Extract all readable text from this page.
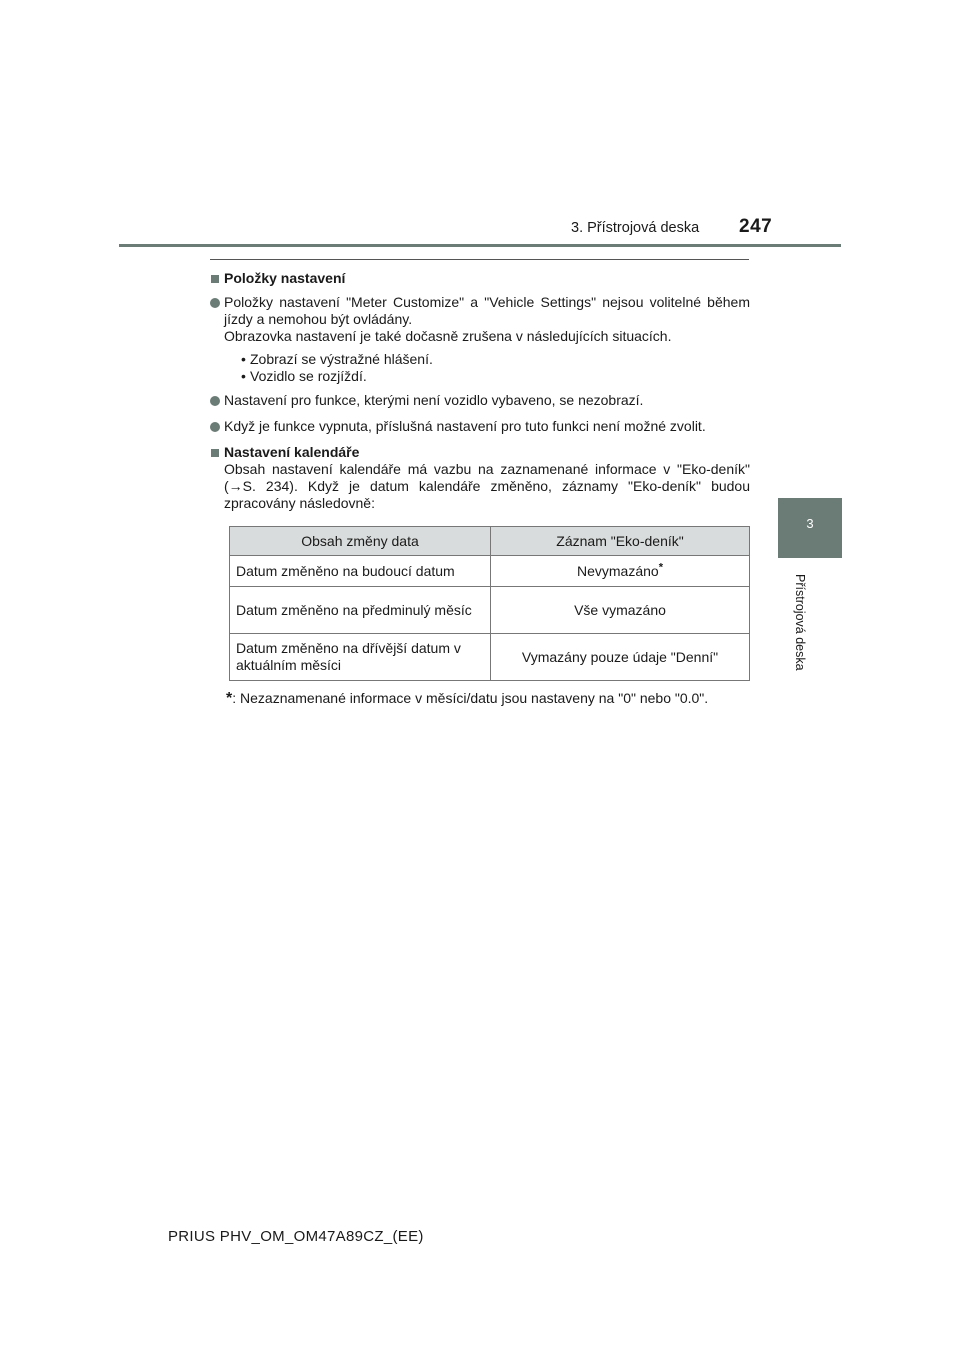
3. Přístrojová deska 247
3
Přístrojová deska
Položky nastavení
Položky nastavení "Meter Customize" a "Vehicle Settings" nejsou volitelné během jízdy a nemohou být ovládány.
Obrazovka nastavení je také dočasně zrušena v následujících situacích.
• Zobrazí se výstražné hlášení.
• Vozidlo se rozjíždí.
Nastavení pro funkce, kterými není vozidlo vybaveno, se nezobrazí.
Když je funkce vypnuta, příslušná nastavení pro tuto funkci není možné zvolit.
Nastavení kalendáře
Obsah nastavení kalendáře má vazbu na zaznamenané informace v "Eko-deník" (→S. 234). Když je datum kalendáře změněno, záznamy "Eko-deník" budou zpracovány následovně:
Obsah změny data	Záznam "Eko-deník"
Datum změněno na budoucí datum	Nevymazáno*
Datum změněno na předminulý měsíc	Vše vymazáno
Datum změněno na dřívější datum v aktuálním měsíci	Vymazány pouze údaje "Denní"
*: Nezaznamenané informace v měsíci/datu jsou nastaveny na "0" nebo "0.0".
PRIUS PHV_OM_OM47A89CZ_(EE)
